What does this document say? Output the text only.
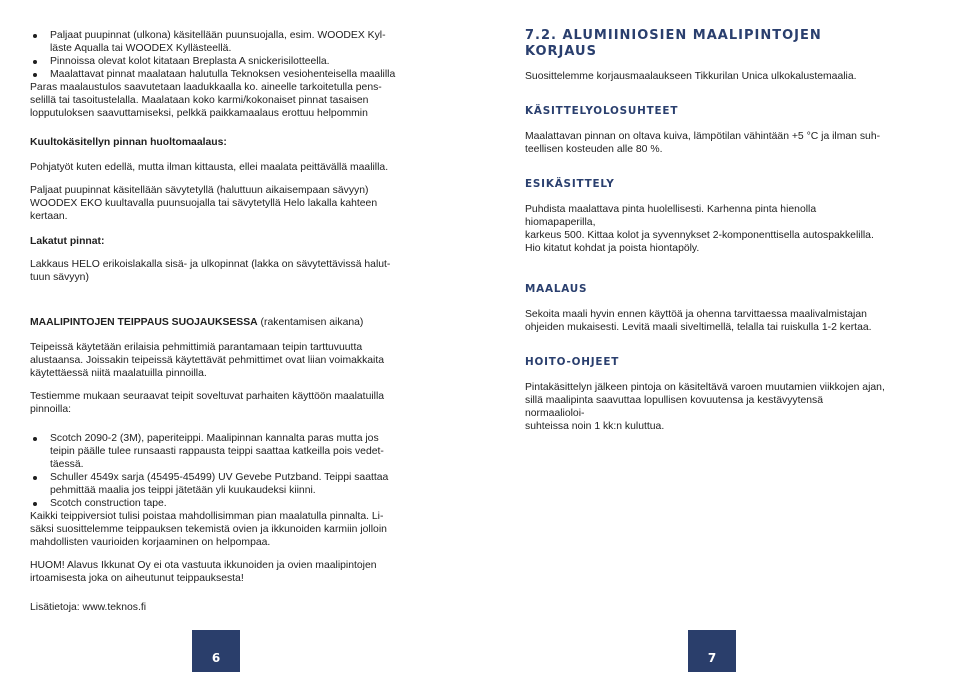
Paljaat puupinnat (ulkona) käsitellään puunsuojalla, esim. WOODEX Kyl-
läste Aqualla tai WOODEX Kyllästeellä.
Pinnoissa olevat kolot kitataan Breplasta A snickerisilotteella.
Maalattavat pinnat maalataan halutulla Teknoksen vesiohenteisella maalilla

Paras maalaustulos saavutetaan laadukkaalla ko. aineelle tarkoitetulla pens-
selillä tai tasoitustelalla. Maalataan koko karmi/kokonaiset pinnat tasaisen
lopputuloksen saavuttamiseksi, pelkkä paikkamaalaus erottuu helpommin

Kuultokäsitellyn pinnan huoltomaalaus:

Pohjatyöt kuten edellä, mutta ilman kittausta, ellei maalata peittävällä maalilla.

Paljaat puupinnat käsitellään sävytetyllä (haluttuun aikaisempaan sävyyn)
WOODEX EKO kuultavalla puunsuojalla tai sävytetyllä Helo lakalla kahteen
kertaan.

Lakatut pinnat:

Lakkaus HELO erikoislakalla sisä- ja ulkopinnat (lakka on sävytettävissä halut-
tuun sävyyn)

MAALIPINTOJEN TEIPPAUS SUOJAUKSESSA (rakentamisen aikana)

Teipeissä käytetään erilaisia pehmittimiä parantamaan teipin tarttuvuutta
alustaansa. Joissakin teipeissä käytettävät pehmittimet ovat liian voimakkaita
käytettäessä niitä maalatuilla pinnoilla.

Testiemme mukaan seuraavat teipit soveltuvat parhaiten käyttöön maalatuilla
pinnoilla:

Scotch 2090-2 (3M), paperiteippi. Maalipinnan kannalta paras mutta jos
teipin päälle tulee runsaasti rappausta teippi saattaa katkeilla pois vedet-
täessä.
Schuller 4549x sarja (45495-45499) UV Gevebe Putzband. Teippi saattaa
pehmittää maalia jos teippi jätetään yli kuukaudeksi kiinni.
Scotch construction tape.

Kaikki teippiversiot tulisi poistaa mahdollisimman pian maalatulla pinnalta. Li-
säksi suosittelemme teippauksen tekemistä ovien ja ikkunoiden karmiin jolloin
mahdollisten vaurioiden korjaaminen on helpompaa.

HUOM! Alavus Ikkunat Oy ei ota vastuuta ikkunoiden ja ovien maalipintojen
irtoamisesta joka on aiheutunut teippauksesta!

Lisätietoja: www.teknos.fi

6
7.2. ALUMIINIOSIEN MAALIPINTOJEN KORJAUS

Suosittelemme korjausmaalaukseen Tikkurilan Unica ulkokalustemaalia.

KÄSITTELYOLOSUHTEET

Maalattavan pinnan on oltava kuiva, lämpötilan vähintään +5 °C ja ilman suh-
teellisen kosteuden alle 80 %.

ESIKÄSITTELY

Puhdista maalattava pinta huolellisesti. Karhenna pinta hienolla hiomapaperilla,
karkeus 500. Kittaa kolot ja syvennykset 2-komponenttisella autospakkelilla.
Hio kitatut kohdat ja poista hiontapöly.

MAALAUS

Sekoita maali hyvin ennen käyttöä ja ohenna tarvittaessa maalivalmistajan
ohjeiden mukaisesti. Levitä maali siveltimellä, telalla tai ruiskulla 1-2 kertaa.

HOITO-OHJEET

Pintakäsittelyn jälkeen pintoja on käsiteltävä varoen muutamien viikkojen ajan,
sillä maalipinta saavuttaa lopullisen kovuutensa ja kestävyytensä normaalioloi-
suhteissa noin 1 kk:n kuluttua.

7
